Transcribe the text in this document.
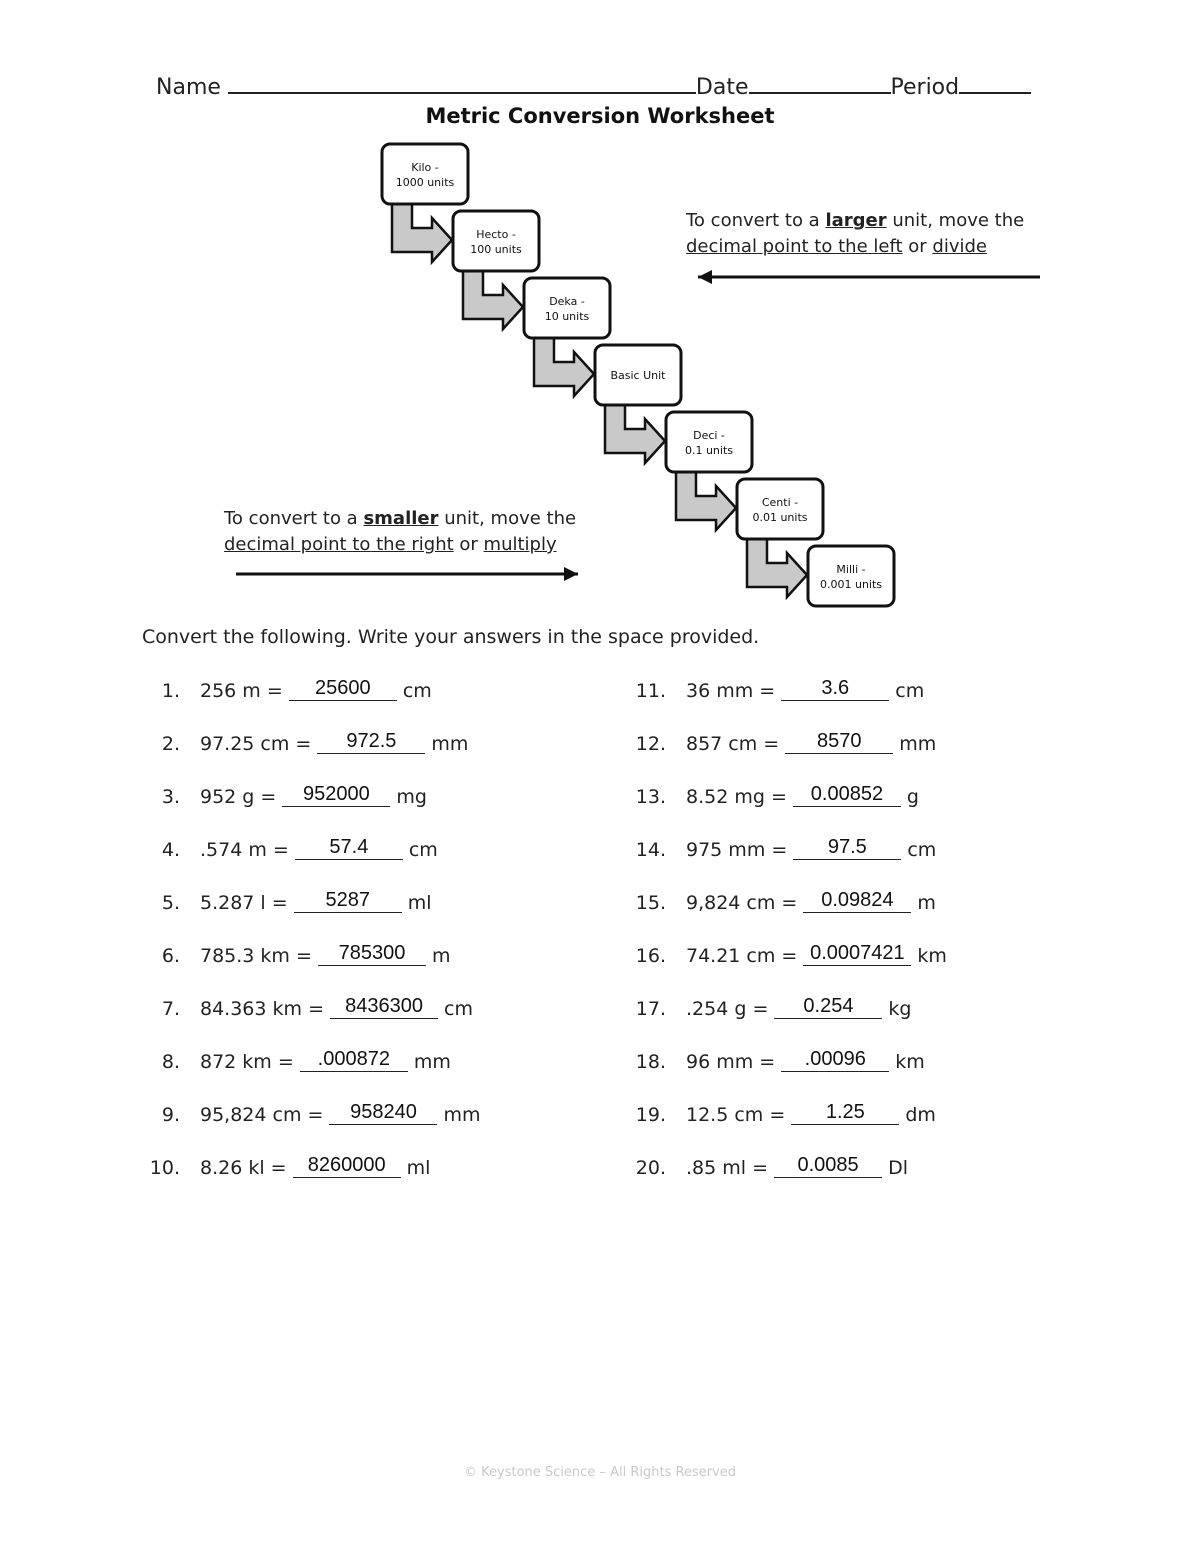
Name	Date	Period
Metric Conversion Worksheet
Kilo -
1000 units
Hecto -
100 units
Deka -
10 units
Basic Unit
Deci -
0.1 units
Centi -
0.01 units
Milli -
0.001 units
To convert to a larger unit, move the
decimal point to the left or divide
To convert to a smaller unit, move the
decimal point to the right or multiply
Convert the following. Write your answers in the space provided.
1. 256 m = 25600 cm
2. 97.25 cm = 972.5 mm
3. 952 g = 952000 mg
4. .574 m = 57.4 cm
5. 5.287 l = 5287 ml
6. 785.3 km = 785300 m
7. 84.363 km = 8436300 cm
8. 872 km = .000872 mm
9. 95,824 cm = 958240 mm
10. 8.26 kl = 8260000 ml
11. 36 mm = 3.6 cm
12. 857 cm = 8570 mm
13. 8.52 mg = 0.00852 g
14. 975 mm = 97.5 cm
15. 9,824 cm = 0.09824 m
16. 74.21 cm = 0.0007421 km
17. .254 g = 0.254 kg
18. 96 mm = .00096 km
19. 12.5 cm = 1.25 dm
20. .85 ml = 0.0085 Dl
© Keystone Science – All Rights Reserved
